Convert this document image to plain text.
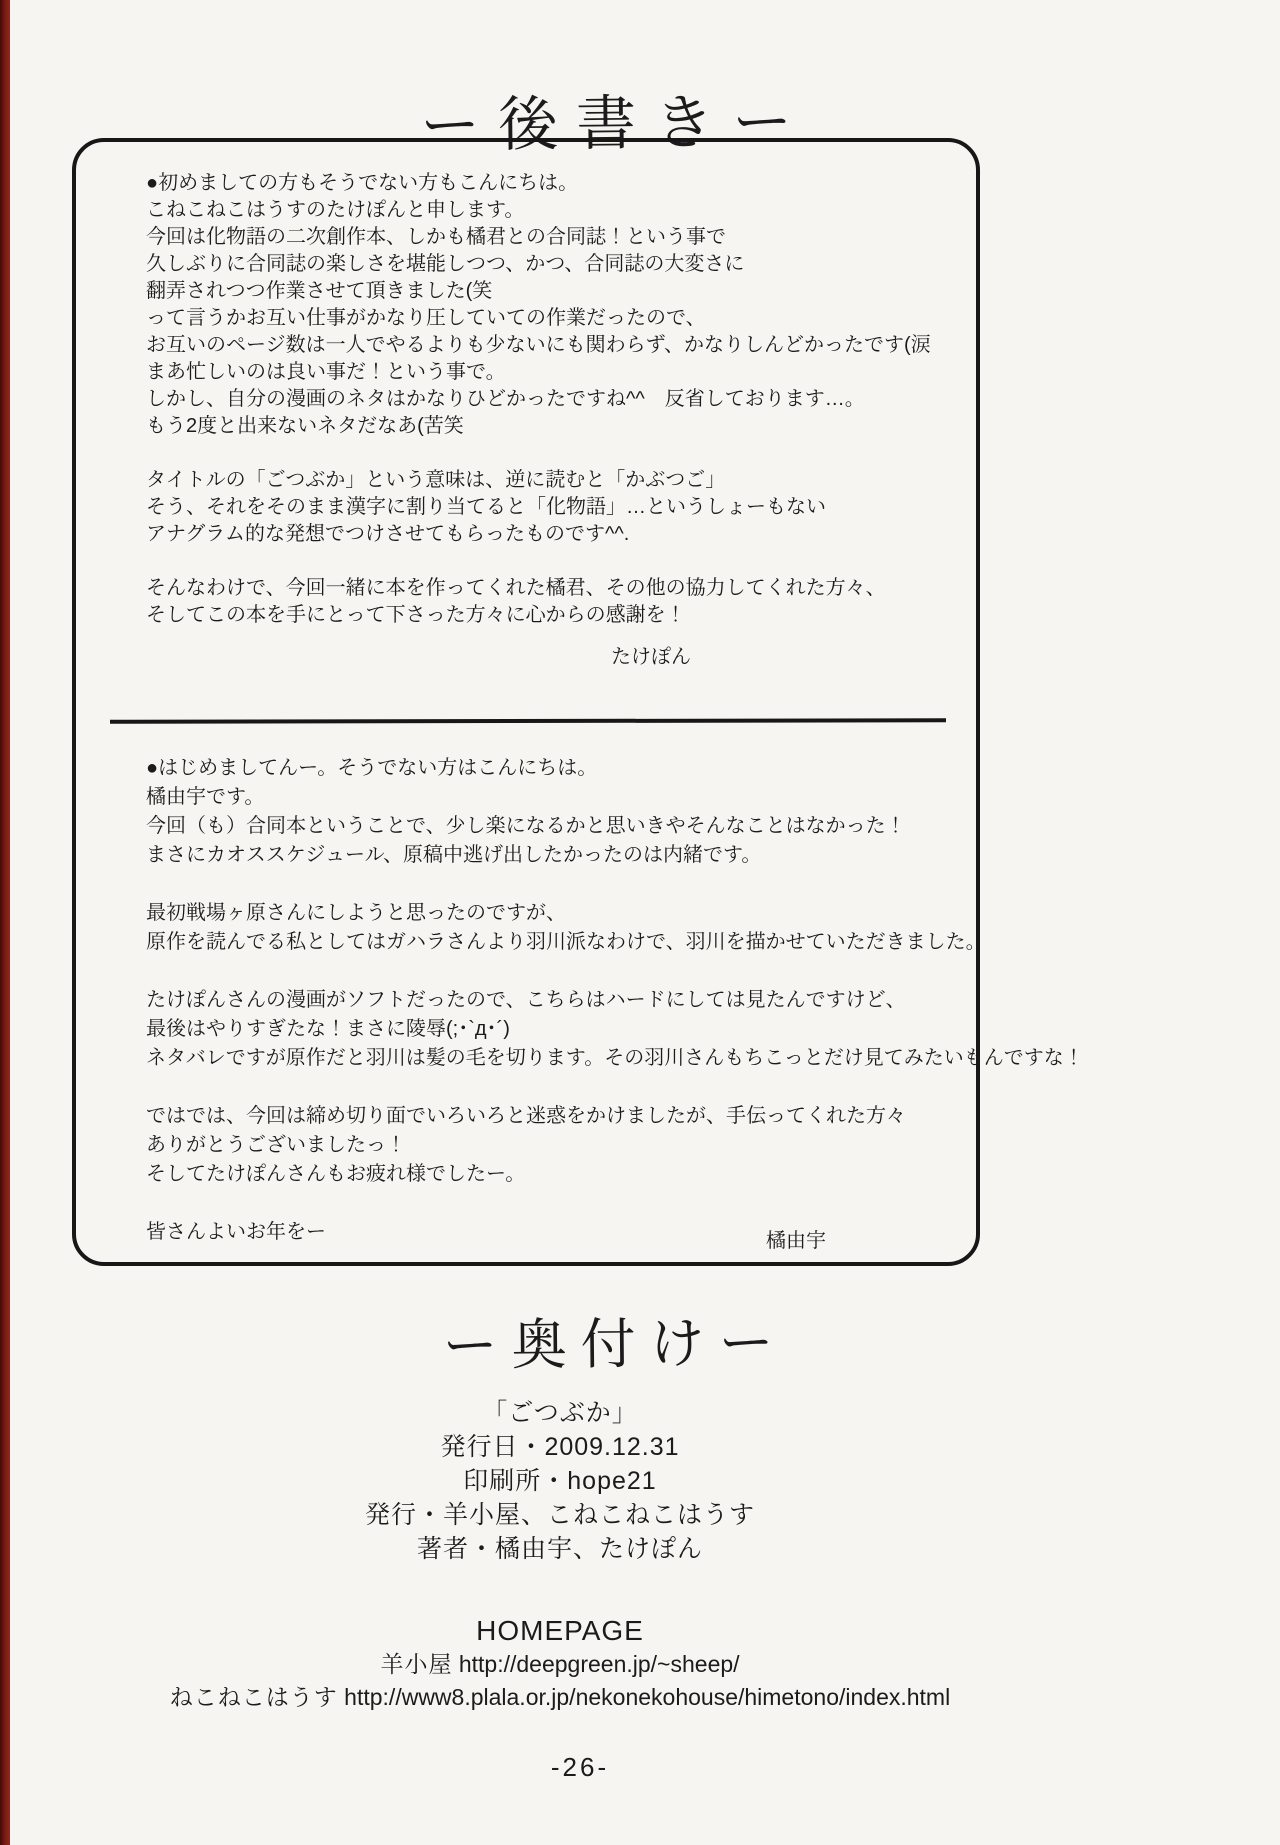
ー後書きー
●初めましての方もそうでない方もこんにちは。
こねこねこはうすのたけぽんと申します。
今回は化物語の二次創作本、しかも橘君との合同誌！という事で
久しぶりに合同誌の楽しさを堪能しつつ、かつ、合同誌の大変さに
翻弄されつつ作業させて頂きました(笑
って言うかお互い仕事がかなり圧していての作業だったので、
お互いのページ数は一人でやるよりも少ないにも関わらず、かなりしんどかったです(涙
まあ忙しいのは良い事だ！という事で。
しかし、自分の漫画のネタはかなりひどかったですね^^　反省しております…。
もう2度と出来ないネタだなあ(苦笑

タイトルの「ごつぶか」という意味は、逆に読むと「かぶつご」
そう、それをそのまま漢字に割り当てると「化物語」…というしょーもない
アナグラム的な発想でつけさせてもらったものです^^.

そんなわけで、今回一緒に本を作ってくれた橘君、その他の協力してくれた方々、
そしてこの本を手にとって下さった方々に心からの感謝を！
たけぽん
●はじめましてんー。そうでない方はこんにちは。
橘由宇です。
今回（も）合同本ということで、少し楽になるかと思いきやそんなことはなかった！
まさにカオススケジュール、原稿中逃げ出したかったのは内緒です。

最初戦場ヶ原さんにしようと思ったのですが、
原作を読んでる私としてはガハラさんより羽川派なわけで、羽川を描かせていただきました。

たけぽんさんの漫画がソフトだったので、こちらはハードにしては見たんですけど、
最後はやりすぎたな！まさに陵辱(;･`д･´)
ネタバレですが原作だと羽川は髪の毛を切ります。その羽川さんもちこっとだけ見てみたいもんですな！

ではでは、今回は締め切り面でいろいろと迷惑をかけましたが、手伝ってくれた方々
ありがとうございましたっ！
そしてたけぽんさんもお疲れ様でしたー。

皆さんよいお年をー	橘由宇
ー奥付けー
「ごつぶか」
発行日・2009.12.31
印刷所・hope21
発行・羊小屋、こねこねこはうす
著者・橘由宇、たけぽん
HOMEPAGE
羊小屋 http://deepgreen.jp/~sheep/
ねこねこはうす http://www8.plala.or.jp/nekonekohouse/himetono/index.html
-26-
